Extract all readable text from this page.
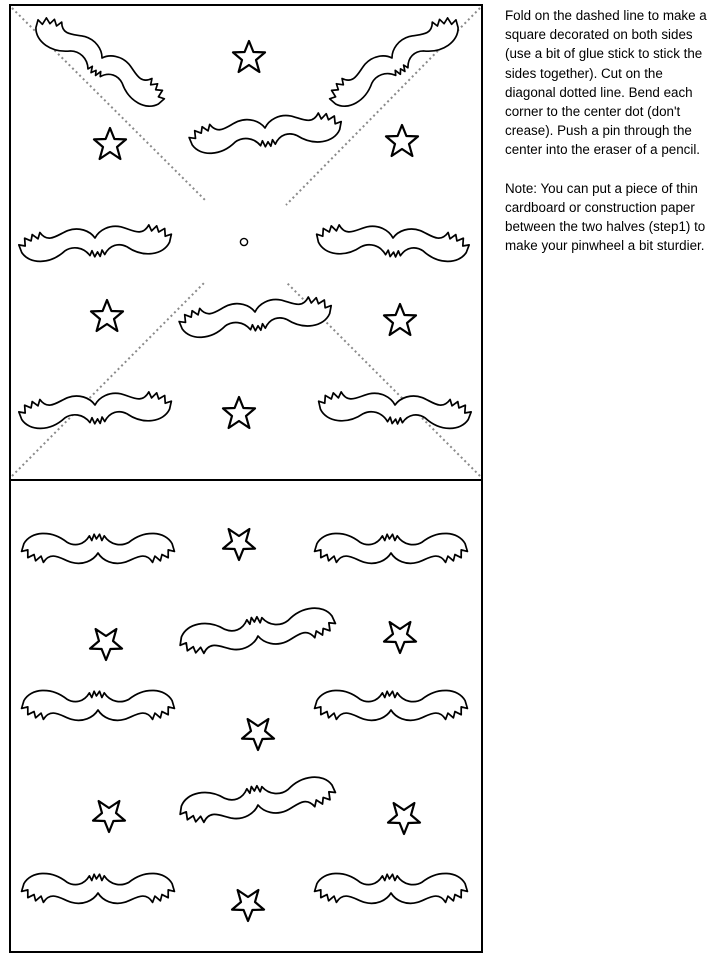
Fold on the dashed line to make a square decorated on both sides (use a bit of glue stick to stick the sides together). Cut on the diagonal dotted line. Bend each corner to the center dot (don't crease). Push a pin through the center into the eraser of a pencil.

Note: You can put a piece of thin cardboard or construction paper between the two halves (step1) to make your pinwheel a bit sturdier.
